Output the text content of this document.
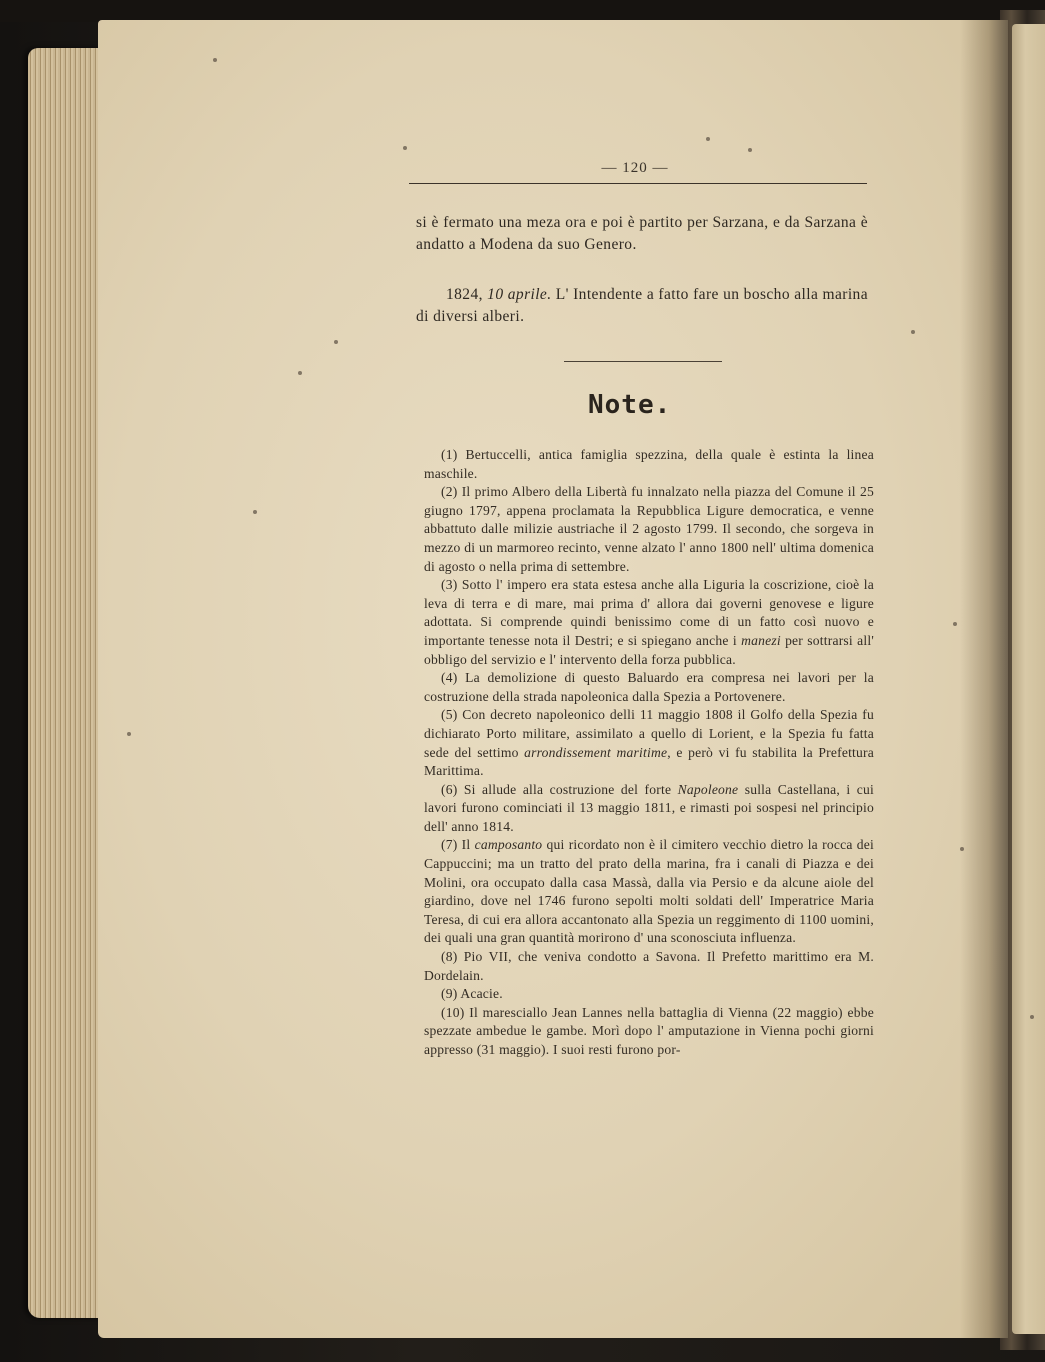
— 120 —

si è fermato una meza ora e poi è partito per Sarzana, e da Sarzana è andatto a Modena da suo Genero.

1824, 10 aprile. L' Intendente a fatto fare un boscho alla marina di diversi alberi.

Note.

(1) Bertuccelli, antica famiglia spezzina, della quale è estinta la linea maschile.

(2) Il primo Albero della Libertà fu innalzato nella piazza del Comune il 25 giugno 1797, appena proclamata la Repubblica Ligure democratica, e venne abbattuto dalle milizie austriache il 2 agosto 1799. Il secondo, che sorgeva in mezzo di un marmoreo recinto, venne alzato l' anno 1800 nell' ultima domenica di agosto o nella prima di settembre.

(3) Sotto l' impero era stata estesa anche alla Liguria la coscrizione, cioè la leva di terra e di mare, mai prima d' allora dai governi genovese e ligure adottata. Si comprende quindi benissimo come di un fatto così nuovo e importante tenesse nota il Destri; e si spiegano anche i manezi per sottrarsi all' obbligo del servizio e l' intervento della forza pubblica.

(4) La demolizione di questo Baluardo era compresa nei lavori per la costruzione della strada napoleonica dalla Spezia a Portovenere.

(5) Con decreto napoleonico delli 11 maggio 1808 il Golfo della Spezia fu dichiarato Porto militare, assimilato a quello di Lorient, e la Spezia fu fatta sede del settimo arrondissement maritime, e però vi fu stabilita la Prefettura Marittima.

(6) Si allude alla costruzione del forte Napoleone sulla Castellana, i cui lavori furono cominciati il 13 maggio 1811, e rimasti poi sospesi nel principio dell' anno 1814.

(7) Il camposanto qui ricordato non è il cimitero vecchio dietro la rocca dei Cappuccini; ma un tratto del prato della marina, fra i canali di Piazza e dei Molini, ora occupato dalla casa Massà, dalla via Persio e da alcune aiole del giardino, dove nel 1746 furono sepolti molti soldati dell' Imperatrice Maria Teresa, di cui era allora accantonato alla Spezia un reggimento di 1100 uomini, dei quali una gran quantità morirono d' una sconosciuta influenza.

(8) Pio VII, che veniva condotto a Savona. Il Prefetto marittimo era M. Dordelain.

(9) Acacie.

(10) Il maresciallo Jean Lannes nella battaglia di Vienna (22 maggio) ebbe spezzate ambedue le gambe. Morì dopo l' amputazione in Vienna pochi giorni appresso (31 maggio). I suoi resti furono por-
